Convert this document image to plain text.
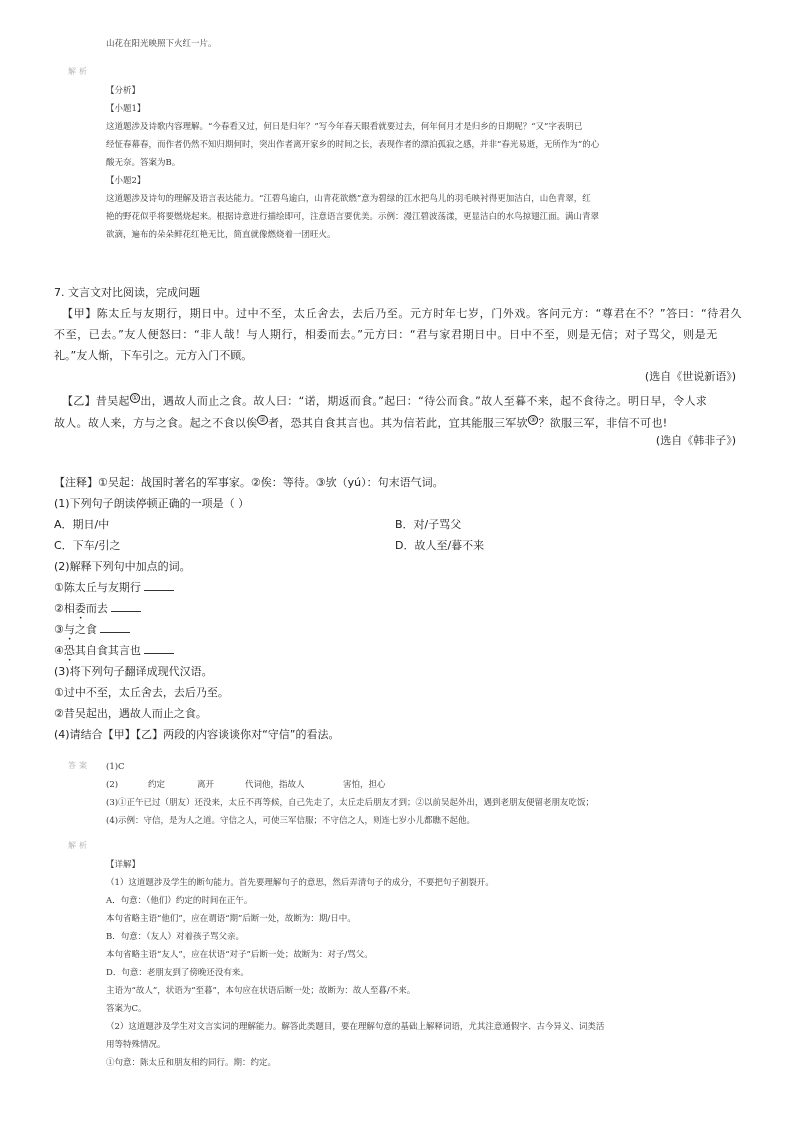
山花在阳光映照下火红一片。
解析
【分析】
【小题1】
这道题涉及诗歌内容理解。“今春看又过，何日是归年？”写今年春天眼看就要过去，何年何月才是归乡的日期呢？“又”字表明已
经怔春幕春，而作者仍然不知归期何时，突出作者离开家乡的时间之长，表现作者的漂泊孤寂之感，并非“春光易逝，无所作为”的心
酸无奈。答案为B。
【小题2】
这道题涉及诗句的理解及语言表达能力。“江碧鸟逾白，山青花欲燃”意为碧绿的江水把鸟儿的羽毛映衬得更加洁白，山色青翠，红
艳的野花似乎将要燃烧起来。根据诗意进行描绘即可，注意语言要优美。示例：漫江碧波荡漾，更显洁白的水鸟掠翅江面。满山青翠
欲滴，遍布的朵朵鲜花红艳无比，简直就像燃烧着一团旺火。
7. 文言文对比阅读，完成问题
【甲】陈太丘与友期行，期日中。过中不至，太丘舍去，去后乃至。元方时年七岁，门外戏。客问元方：“尊君在不？”答曰：“待君久
不至，已去。”友人便怒曰：“非人哉！与人期行，相委而去。”元方曰：“君与家君期日中。日中不至，则是无信；对子骂父，则是无
礼。”友人惭，下车引之。元方入门不顾。
(选自《世说新语》)
【乙】昔吴起 ① 出，遇故人而止之食。故人曰：“诺，期返而食。”起曰：“待公而食。”故人至暮不来，起不食待之。明日早，令人求
故人。故人来，方与之食。起之不食以俟 ② 者，恐其自食其言也。其为信若此，宜其能服三军欤 ③ ？欲服三军，非信不可也!
(选自《韩非子》)
【注释】①吴起：战国时著名的军事家。②俟：等待。③欤（yú）：句末语气词。
(1)下列句子朗读停顿正确的一项是（ ）
A．期日/中	B．对/子骂父
C．下车/引之	D．故人至/暮不来
(2)解释下列句中加点的词。
①陈太丘与友期行
②相委而去
③与之食
④恐其自食其言也
(3)将下列句子翻译成现代汉语。
①过中不至，太丘舍去，去后乃至。
②昔吴起出，遇故人而止之食。
(4)请结合【甲】【乙】两段的内容谈谈你对“守信”的看法。
答案 (1)C
(2)	约定	离开	代词他，指故人	害怕，担心
(3)①正午已过（朋友）还没来，太丘不再等候，自己先走了，太丘走后朋友才到；②以前吴起外出，遇到老朋友便留老朋友吃饭；
(4)示例：守信，是为人之道。守信之人，可使三军信服；不守信之人，则连七岁小儿都瞧不起他。
解析
【详解】
（1）这道题涉及学生的断句能力。首先要理解句子的意思，然后弄清句子的成分，不要把句子割裂开。
A．句意：（他们）约定的时间在正午。
本句省略主语“他们”，应在谓语“期”后断一处，故断为：期/日中。
B．句意：（友人）对着孩子骂父亲。
本句省略主语“友人”，应在状语“对子”后断一处；故断为：对子/骂父。
D．句意：老朋友到了傍晚还没有来。
主语为“故人”，状语为“至暮”，本句应在状语后断一处；故断为：故人至暮/不来。
答案为C。
（2）这道题涉及学生对文言实词的理解能力。解答此类题目，要在理解句意的基础上解释词语，尤其注意通假字、古今异义、词类活
用等特殊情况。
①句意：陈太丘和朋友相约同行。期：约定。
